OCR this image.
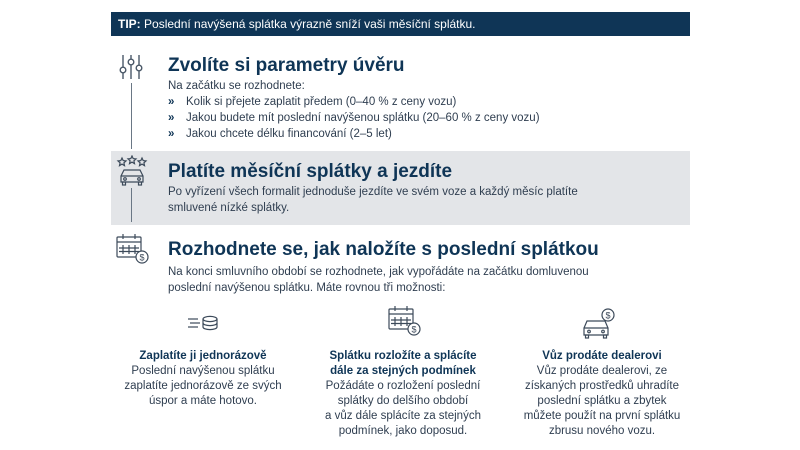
TIP: Poslední navýšená splátka výrazně sníží vaši měsíční splátku.
Zvolíte si parametry úvěru
Na začátku se rozhodnete:
» Kolik si přejete zaplatit předem (0–40 % z ceny vozu)
» Jakou budete mít poslední navýšenou splátku (20–60 % z ceny vozu)
» Jakou chcete délku financování (2–5 let)
Platíte měsíční splátky a jezdíte
Po vyřízení všech formalit jednoduše jezdíte ve svém voze a každý měsíc platíte
smluvené nízké splátky.
$ Rozhodnete se, jak naložíte s poslední splátkou
Na konci smluvního období se rozhodnete, jak vypořádáte na začátku domluvenou
poslední navýšenou splátku. Máte rovnou tři možnosti:
$
$
Zaplatíte ji jednorázově
Poslední navýšenou splátku
zaplatíte jednorázově ze svých
úspor a máte hotovo.
Splátku rozložíte a splácíte
dále za stejných podmínek
Požádáte o rozložení poslední
splátky do delšího období
a vůz dále splácíte za stejných
podmínek, jako doposud.
Vůz prodáte dealerovi
Vůz prodáte dealerovi, ze
získaných prostředků uhradíte
poslední splátku a zbytek
můžete použít na první splátku
zbrusu nového vozu.
